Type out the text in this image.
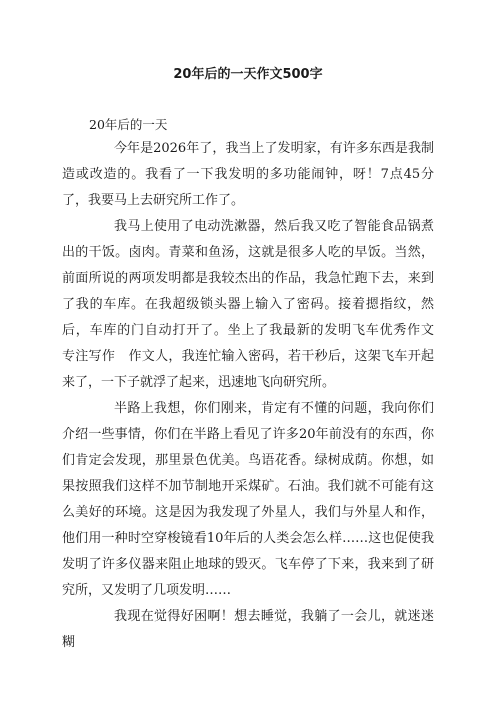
20年后的一天作文500字

20年后的一天

今年是2026年了，我当上了发明家，有许多东西是我制造或改造的。我看了一下我发明的多功能闹钟，呀！7点45分了，我要马上去研究所工作了。

我马上使用了电动洗漱器，然后我又吃了智能食品锅煮出的干饭。卤肉。青菜和鱼汤，这就是很多人吃的早饭。当然，前面所说的两项发明都是我较杰出的作品，我急忙跑下去，来到了我的车库。在我超级锁头器上输入了密码。接着摁指纹，然后，车库的门自动打开了。坐上了我最新的发明飞车优秀作文　专注写作　作文人，我连忙输入密码，若干秒后，这架飞车开起来了，一下子就浮了起来，迅速地飞向研究所。

半路上我想，你们刚来，肯定有不懂的问题，我向你们介绍一些事情，你们在半路上看见了许多20年前没有的东西，你们肯定会发现，那里景色优美。鸟语花香。绿树成荫。你想，如果按照我们这样不加节制地开采煤矿。石油。我们就不可能有这么美好的环境。这是因为我发现了外星人，我们与外星人和作，他们用一种时空穿梭镜看10年后的人类会怎么样……这也促使我发明了许多仪器来阻止地球的毁灭。飞车停了下来，我来到了研究所，又发明了几项发明……

我现在觉得好困啊！想去睡觉，我躺了一会儿，就迷迷糊
